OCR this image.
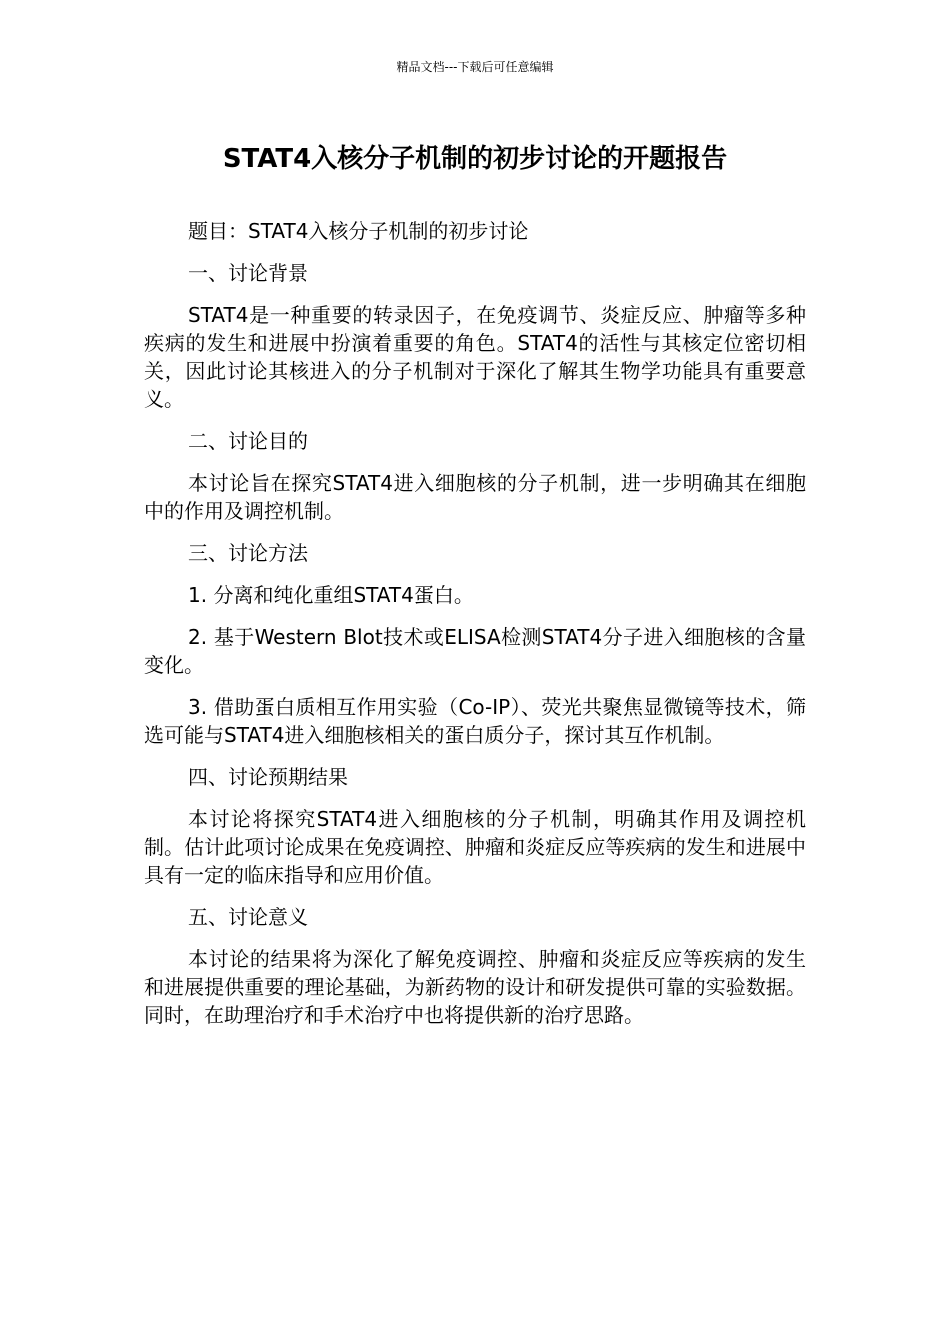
精品文档---下载后可任意编辑
STAT4入核分子机制的初步讨论的开题报告

题目：STAT4入核分子机制的初步讨论

一、讨论背景

STAT4是一种重要的转录因子，在免疫调节、炎症反应、肿瘤等多种疾病的发生和进展中扮演着重要的角色。STAT4的活性与其核定位密切相关，因此讨论其核进入的分子机制对于深化了解其生物学功能具有重要意义。

二、讨论目的

本讨论旨在探究STAT4进入细胞核的分子机制，进一步明确其在细胞中的作用及调控机制。

三、讨论方法

1. 分离和纯化重组STAT4蛋白。

2. 基于Western Blot技术或ELISA检测STAT4分子进入细胞核的含量变化。

3. 借助蛋白质相互作用实验（Co-IP）、荧光共聚焦显微镜等技术，筛选可能与STAT4进入细胞核相关的蛋白质分子，探讨其互作机制。

四、讨论预期结果

本讨论将探究STAT4进入细胞核的分子机制，明确其作用及调控机制。估计此项讨论成果在免疫调控、肿瘤和炎症反应等疾病的发生和进展中具有一定的临床指导和应用价值。

五、讨论意义

本讨论的结果将为深化了解免疫调控、肿瘤和炎症反应等疾病的发生和进展提供重要的理论基础，为新药物的设计和研发提供可靠的实验数据。同时，在助理治疗和手术治疗中也将提供新的治疗思路。
